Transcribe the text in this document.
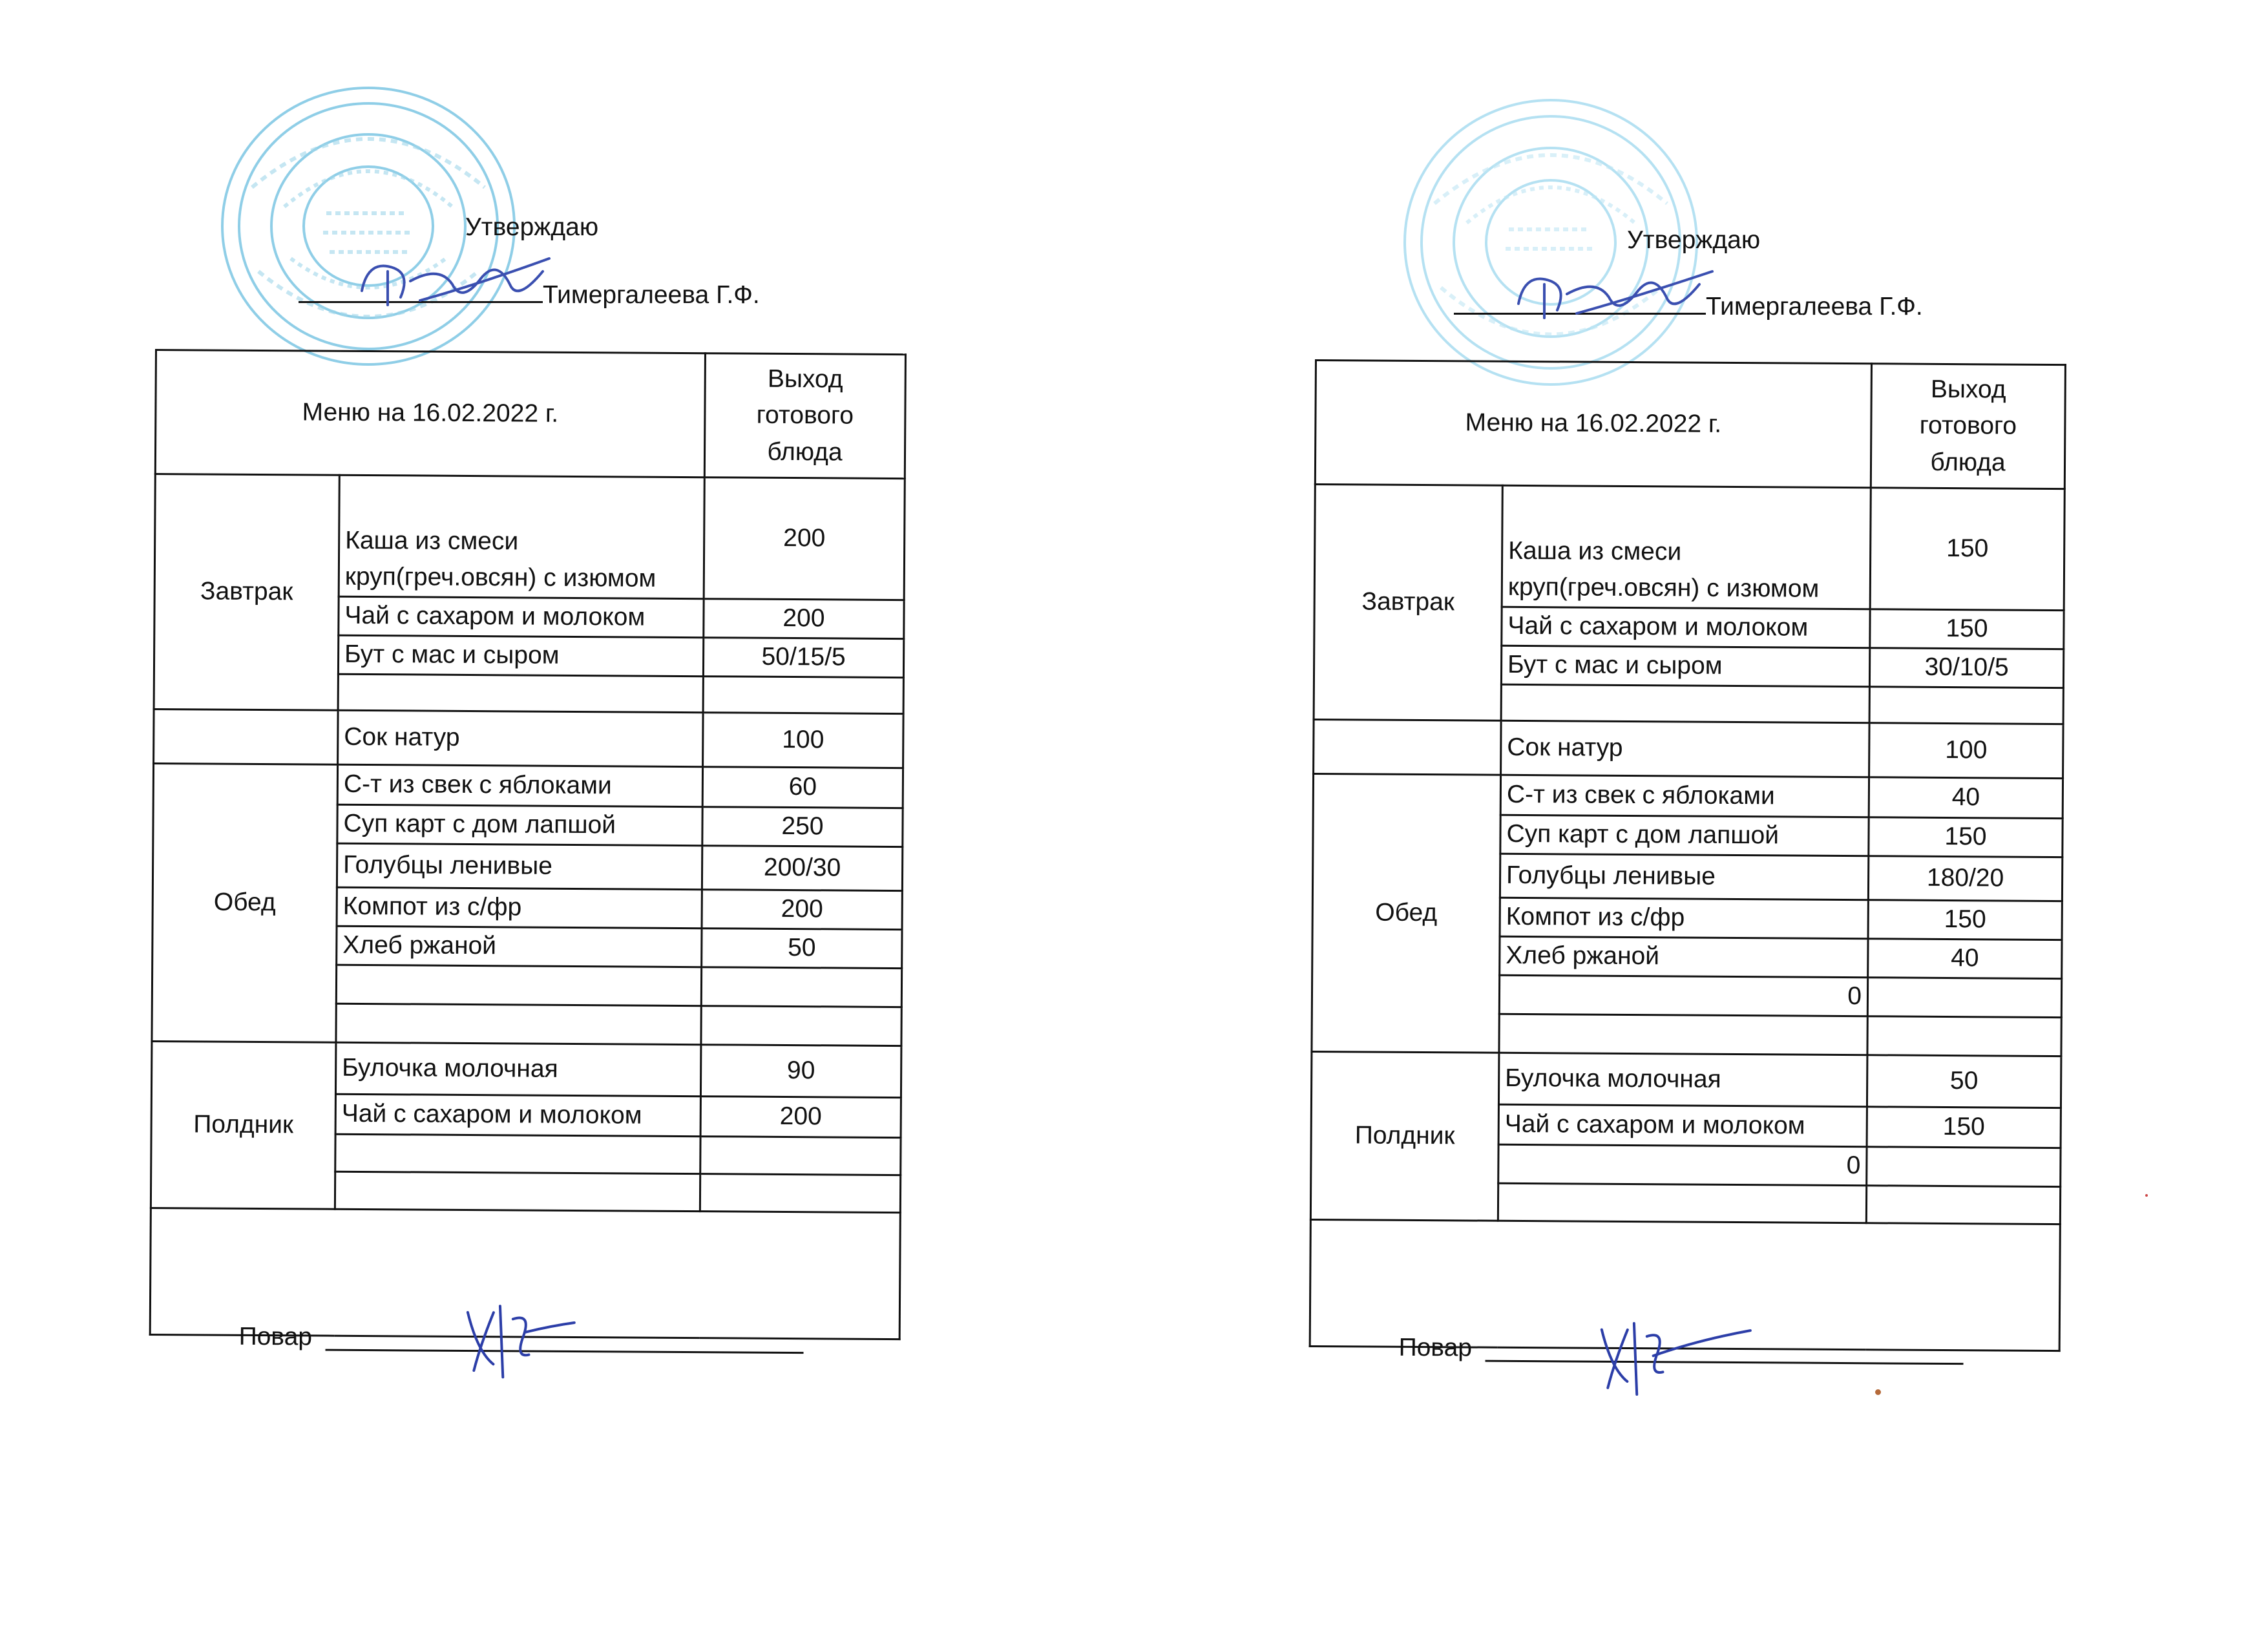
Утверждаю
Тимергалеева Г.Ф.
Меню на 16.02.2022 г.		Выход готового блюда
Завтрак	Каша из смеси круп(греч.овсян) с изюмом	200
	Чай с сахаром и молоком	200
	Бут с мас и сыром	50/15/5

	Сок натур	100
Обед	С-т из свек с яблоками	60
	Суп карт с дом лапшой	250
	Голубцы ленивые	200/30
	Компот из с/фр	200
	Хлеб ржаной	50

Полдник	Булочка молочная	90
	Чай с сахаром и молоком	200

Повар		
Утверждаю
Тимергалеева Г.Ф.
Меню на 16.02.2022 г.		Выход готового блюда
Завтрак	Каша из смеси круп(греч.овсян) с изюмом	150
	Чай с сахаром и молоком	150
	Бут с мас и сыром	30/10/5

	Сок натур	100
Обед	С-т из свек с яблоками	40
	Суп карт с дом лапшой	150
	Голубцы ленивые	180/20
	Компот из с/фр	150
	Хлеб ржаной	40
	0	

Полдник	Булочка молочная	50
	Чай с сахаром и молоком	150
	0	

Повар		
